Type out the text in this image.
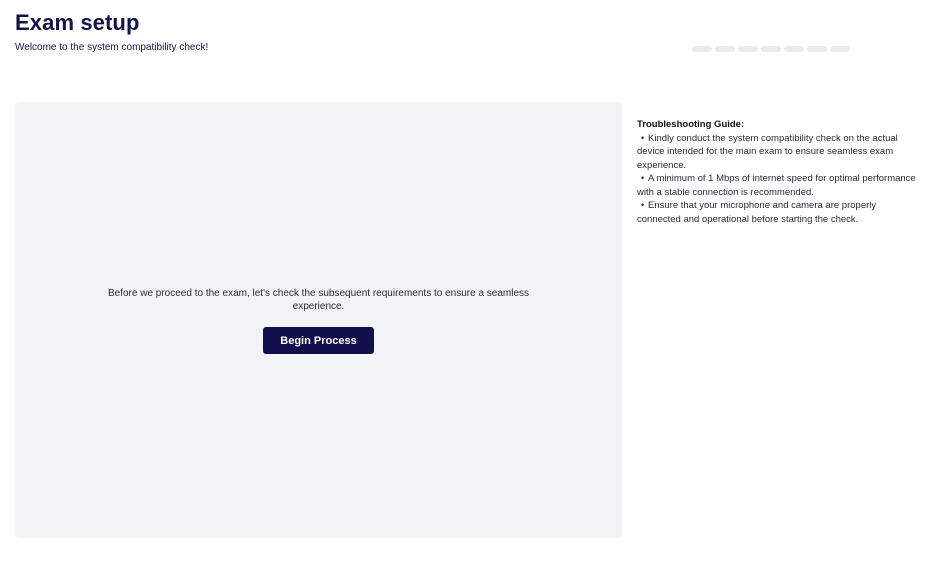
Exam setup

Welcome to the system compatibility check!

Before we proceed to the exam, let's check the subsequent requirements to ensure a seamless experience.

Begin Process

Troubleshooting Guide:

• Kindly conduct the system compatibility check on the actual device intended for the main exam to ensure seamless exam experience.
• A minimum of 1 Mbps of internet speed for optimal performance with a stable connection is recommended.
• Ensure that your microphone and camera are properly connected and operational before starting the check.
